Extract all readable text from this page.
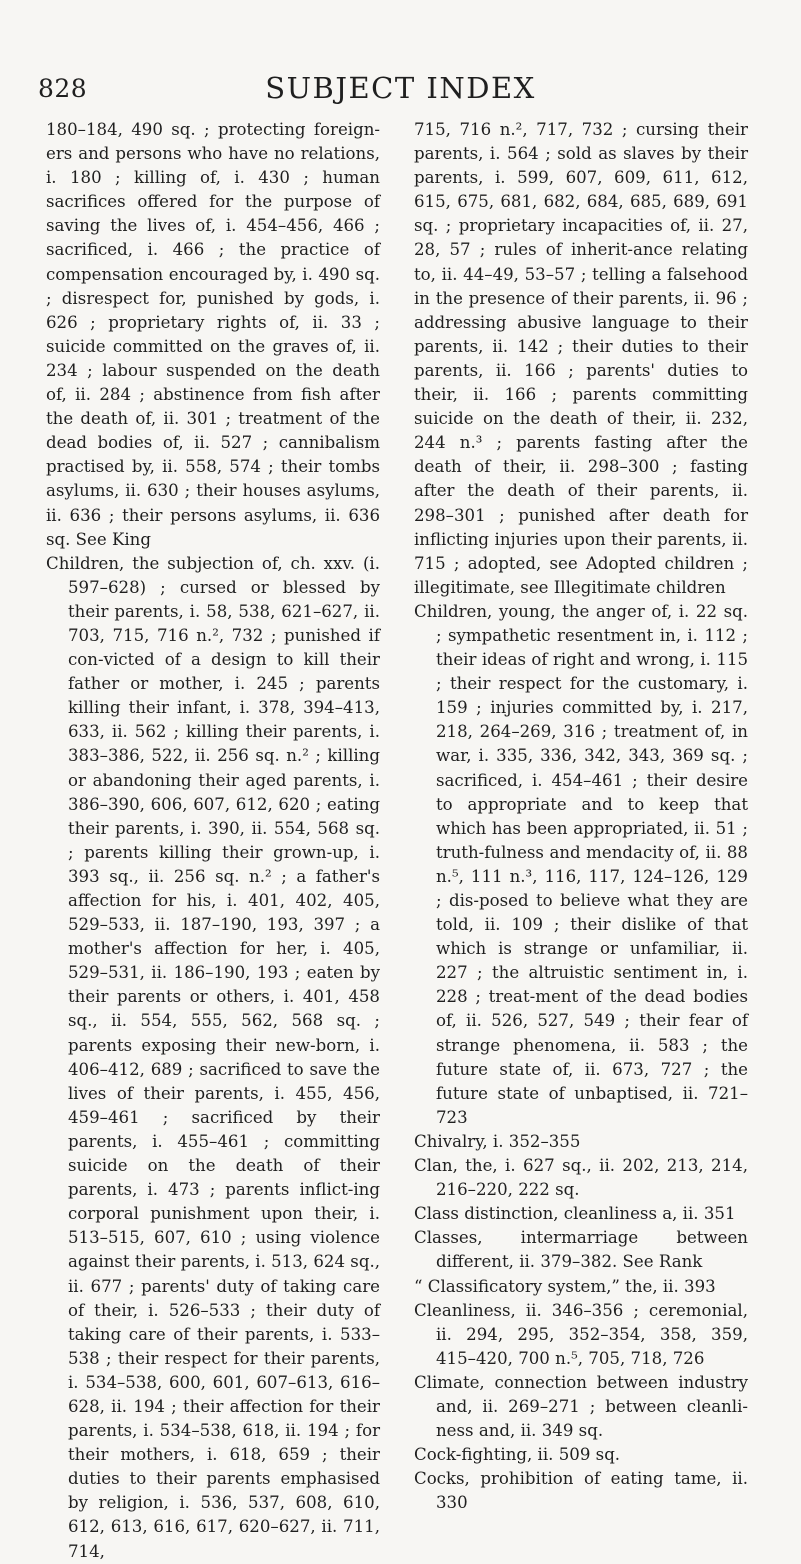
828	SUBJECT INDEX

180–184, 490 sq. ; protecting foreign-ers and persons who have no relations, i. 180 ; killing of, i. 430 ; human sacrifices offered for the purpose of saving the lives of, i. 454–456, 466 ; sacrificed, i. 466 ; the practice of compensation encouraged by, i. 490 sq. ; disrespect for, punished by gods, i. 626 ; proprietary rights of, ii. 33 ; suicide committed on the graves of, ii. 234 ; labour suspended on the death of, ii. 284 ; abstinence from fish after the death of, ii. 301 ; treatment of the dead bodies of, ii. 527 ; cannibalism practised by, ii. 558, 574 ; their tombs asylums, ii. 630 ; their houses asylums, ii. 636 ; their persons asylums, ii. 636 sq. See King

Children, the subjection of, ch. xxv. (i. 597–628) ; cursed or blessed by their parents, i. 58, 538, 621–627, ii. 703, 715, 716 n.², 732 ; punished if con-victed of a design to kill their father or mother, i. 245 ; parents killing their infant, i. 378, 394–413, 633, ii. 562 ; killing their parents, i. 383–386, 522, ii. 256 sq. n.² ; killing or abandoning their aged parents, i. 386–390, 606, 607, 612, 620 ; eating their parents, i. 390, ii. 554, 568 sq. ; parents killing their grown-up, i. 393 sq., ii. 256 sq. n.² ; a father's affection for his, i. 401, 402, 405, 529–533, ii. 187–190, 193, 397 ; a mother's affection for her, i. 405, 529–531, ii. 186–190, 193 ; eaten by their parents or others, i. 401, 458 sq., ii. 554, 555, 562, 568 sq. ; parents exposing their new-born, i. 406–412, 689 ; sacrificed to save the lives of their parents, i. 455, 456, 459–461 ; sacrificed by their parents, i. 455–461 ; committing suicide on the death of their parents, i. 473 ; parents inflict-ing corporal punishment upon their, i. 513–515, 607, 610 ; using violence against their parents, i. 513, 624 sq., ii. 677 ; parents' duty of taking care of their, i. 526–533 ; their duty of taking care of their parents, i. 533–538 ; their respect for their parents, i. 534–538, 600, 601, 607–613, 616–628, ii. 194 ; their affection for their parents, i. 534–538, 618, ii. 194 ; for their mothers, i. 618, 659 ; their duties to their parents emphasised by religion, i. 536, 537, 608, 610, 612, 613, 616, 617, 620–627, ii. 711, 714,

715, 716 n.², 717, 732 ; cursing their parents, i. 564 ; sold as slaves by their parents, i. 599, 607, 609, 611, 612, 615, 675, 681, 682, 684, 685, 689, 691 sq. ; proprietary incapacities of, ii. 27, 28, 57 ; rules of inherit-ance relating to, ii. 44–49, 53–57 ; telling a falsehood in the presence of their parents, ii. 96 ; addressing abusive language to their parents, ii. 142 ; their duties to their parents, ii. 166 ; parents' duties to their, ii. 166 ; parents committing suicide on the death of their, ii. 232, 244 n.³ ; parents fasting after the death of their, ii. 298–300 ; fasting after the death of their parents, ii. 298–301 ; punished after death for inflicting injuries upon their parents, ii. 715 ; adopted, see Adopted children ; illegitimate, see Illegitimate children

Children, young, the anger of, i. 22 sq. ; sympathetic resentment in, i. 112 ; their ideas of right and wrong, i. 115 ; their respect for the customary, i. 159 ; injuries committed by, i. 217, 218, 264–269, 316 ; treatment of, in war, i. 335, 336, 342, 343, 369 sq. ; sacrificed, i. 454–461 ; their desire to appropriate and to keep that which has been appropriated, ii. 51 ; truth-fulness and mendacity of, ii. 88 n.⁵, 111 n.³, 116, 117, 124–126, 129 ; dis-posed to believe what they are told, ii. 109 ; their dislike of that which is strange or unfamiliar, ii. 227 ; the altruistic sentiment in, i. 228 ; treat-ment of the dead bodies of, ii. 526, 527, 549 ; their fear of strange phenomena, ii. 583 ; the future state of, ii. 673, 727 ; the future state of unbaptised, ii. 721–723

Chivalry, i. 352–355

Clan, the, i. 627 sq., ii. 202, 213, 214, 216–220, 222 sq.

Class distinction, cleanliness a, ii. 351

Classes, intermarriage between different, ii. 379–382. See Rank

“ Classificatory system,” the, ii. 393

Cleanliness, ii. 346–356 ; ceremonial, ii. 294, 295, 352–354, 358, 359, 415–420, 700 n.⁵, 705, 718, 726

Climate, connection between industry and, ii. 269–271 ; between cleanli-ness and, ii. 349 sq.

Cock-fighting, ii. 509 sq.

Cocks, prohibition of eating tame, ii. 330
